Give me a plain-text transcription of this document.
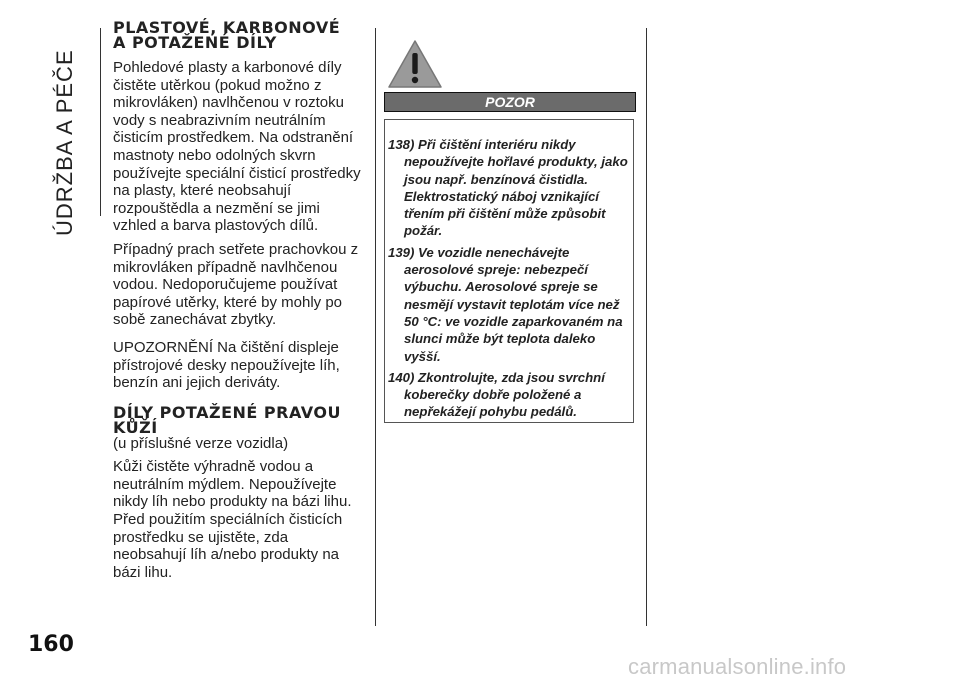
ÚDRŽBA A PÉČE
PLASTOVÉ, KARBONOVÉ
A POTAŽENÉ DÍLY

Pohledové plasty a karbonové díly čistěte utěrkou (pokud možno z mikrovláken) navlhčenou v roztoku vody s neabrazivním neutrálním čisticím prostředkem. Na odstranění mastnoty nebo odolných skvrn používejte speciální čisticí prostředky na plasty, které neobsahují rozpouštědla a nezmění se jimi vzhled a barva plastových dílů.

Případný prach setřete prachovkou z mikrovláken případně navlhčenou vodou. Nedoporučujeme používat papírové utěrky, které by mohly po sobě zanechávat zbytky.

UPOZORNĚNÍ Na čištění displeje přístrojové desky nepoužívejte líh, benzín ani jejich deriváty.

DÍLY POTAŽENÉ PRAVOU
KŮŽÍ

(u příslušné verze vozidla)

Kůži čistěte výhradně vodou a neutrálním mýdlem. Nepoužívejte nikdy líh nebo produkty na bázi lihu. Před použitím speciálních čisticích prostředku se ujistěte, zda neobsahují líh a/nebo produkty na bázi lihu.

POZOR

138) Při čištění interiéru nikdy nepoužívejte hořlavé produkty, jako jsou např. benzínová čistidla. Elektrostatický náboj vznikající třením při čištění může způsobit požár.

139) Ve vozidle nenechávejte aerosolové spreje: nebezpečí výbuchu. Aerosolové spreje se nesmějí vystavit teplotám více než 50 °C: ve vozidle zaparkovaném na slunci může být teplota daleko vyšší.

140) Zkontrolujte, zda jsou svrchní koberečky dobře položené a nepřekážejí pohybu pedálů.

160
carmanualsonline.info
